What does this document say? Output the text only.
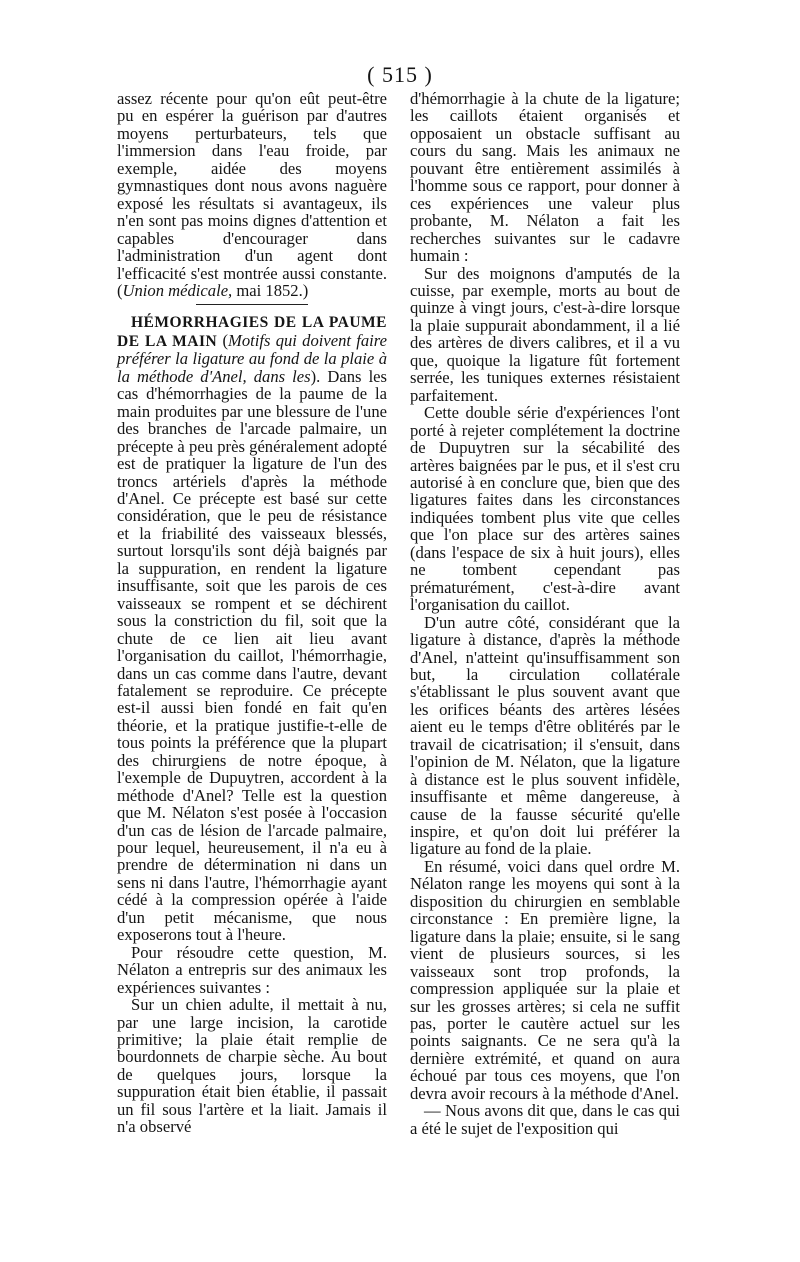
( 515 )

assez récente pour qu'on eût peut-être pu en espérer la guérison par d'autres moyens perturbateurs, tels que l'immersion dans l'eau froide, par exemple, aidée des moyens gymnastiques dont nous avons naguère exposé les résultats si avantageux, ils n'en sont pas moins dignes d'attention et capables d'encourager dans l'administration d'un agent dont l'efficacité s'est montrée aussi constante. (Union médicale, mai 1852.)

HÉMORRHAGIES DE LA PAUME DE LA MAIN (Motifs qui doivent faire préférer la ligature au fond de la plaie à la méthode d'Anel, dans les). Dans les cas d'hémorrhagies de la paume de la main produites par une blessure de l'une des branches de l'arcade palmaire, un précepte à peu près généralement adopté est de pratiquer la ligature de l'un des troncs artériels d'après la méthode d'Anel. Ce précepte est basé sur cette considération, que le peu de résistance et la friabilité des vaisseaux blessés, surtout lorsqu'ils sont déjà baignés par la suppuration, en rendent la ligature insuffisante, soit que les parois de ces vaisseaux se rompent et se déchirent sous la constriction du fil, soit que la chute de ce lien ait lieu avant l'organisation du caillot, l'hémorrhagie, dans un cas comme dans l'autre, devant fatalement se reproduire. Ce précepte est-il aussi bien fondé en fait qu'en théorie, et la pratique justifie-t-elle de tous points la préférence que la plupart des chirurgiens de notre époque, à l'exemple de Dupuytren, accordent à la méthode d'Anel? Telle est la question que M. Nélaton s'est posée à l'occasion d'un cas de lésion de l'arcade palmaire, pour lequel, heureusement, il n'a eu à prendre de détermination ni dans un sens ni dans l'autre, l'hémorrhagie ayant cédé à la compression opérée à l'aide d'un petit mécanisme, que nous exposerons tout à l'heure.

Pour résoudre cette question, M. Nélaton a entrepris sur des animaux les expériences suivantes :

Sur un chien adulte, il mettait à nu, par une large incision, la carotide primitive; la plaie était remplie de bourdonnets de charpie sèche. Au bout de quelques jours, lorsque la suppuration était bien établie, il passait un fil sous l'artère et la liait. Jamais il n'a observé

d'hémorrhagie à la chute de la ligature; les caillots étaient organisés et opposaient un obstacle suffisant au cours du sang. Mais les animaux ne pouvant être entièrement assimilés à l'homme sous ce rapport, pour donner à ces expériences une valeur plus probante, M. Nélaton a fait les recherches suivantes sur le cadavre humain :

Sur des moignons d'amputés de la cuisse, par exemple, morts au bout de quinze à vingt jours, c'est-à-dire lorsque la plaie suppurait abondamment, il a lié des artères de divers calibres, et il a vu que, quoique la ligature fût fortement serrée, les tuniques externes résistaient parfaitement.

Cette double série d'expériences l'ont porté à rejeter complétement la doctrine de Dupuytren sur la sécabilité des artères baignées par le pus, et il s'est cru autorisé à en conclure que, bien que des ligatures faites dans les circonstances indiquées tombent plus vite que celles que l'on place sur des artères saines (dans l'espace de six à huit jours), elles ne tombent cependant pas prématurément, c'est-à-dire avant l'organisation du caillot.

D'un autre côté, considérant que la ligature à distance, d'après la méthode d'Anel, n'atteint qu'insuffisamment son but, la circulation collatérale s'établissant le plus souvent avant que les orifices béants des artères lésées aient eu le temps d'être oblitérés par le travail de cicatrisation; il s'ensuit, dans l'opinion de M. Nélaton, que la ligature à distance est le plus souvent infidèle, insuffisante et même dangereuse, à cause de la fausse sécurité qu'elle inspire, et qu'on doit lui préférer la ligature au fond de la plaie.

En résumé, voici dans quel ordre M. Nélaton range les moyens qui sont à la disposition du chirurgien en semblable circonstance : En première ligne, la ligature dans la plaie; ensuite, si le sang vient de plusieurs sources, si les vaisseaux sont trop profonds, la compression appliquée sur la plaie et sur les grosses artères; si cela ne suffit pas, porter le cautère actuel sur les points saignants. Ce ne sera qu'à la dernière extrémité, et quand on aura échoué par tous ces moyens, que l'on devra avoir recours à la méthode d'Anel.

— Nous avons dit que, dans le cas qui a été le sujet de l'exposition qui
